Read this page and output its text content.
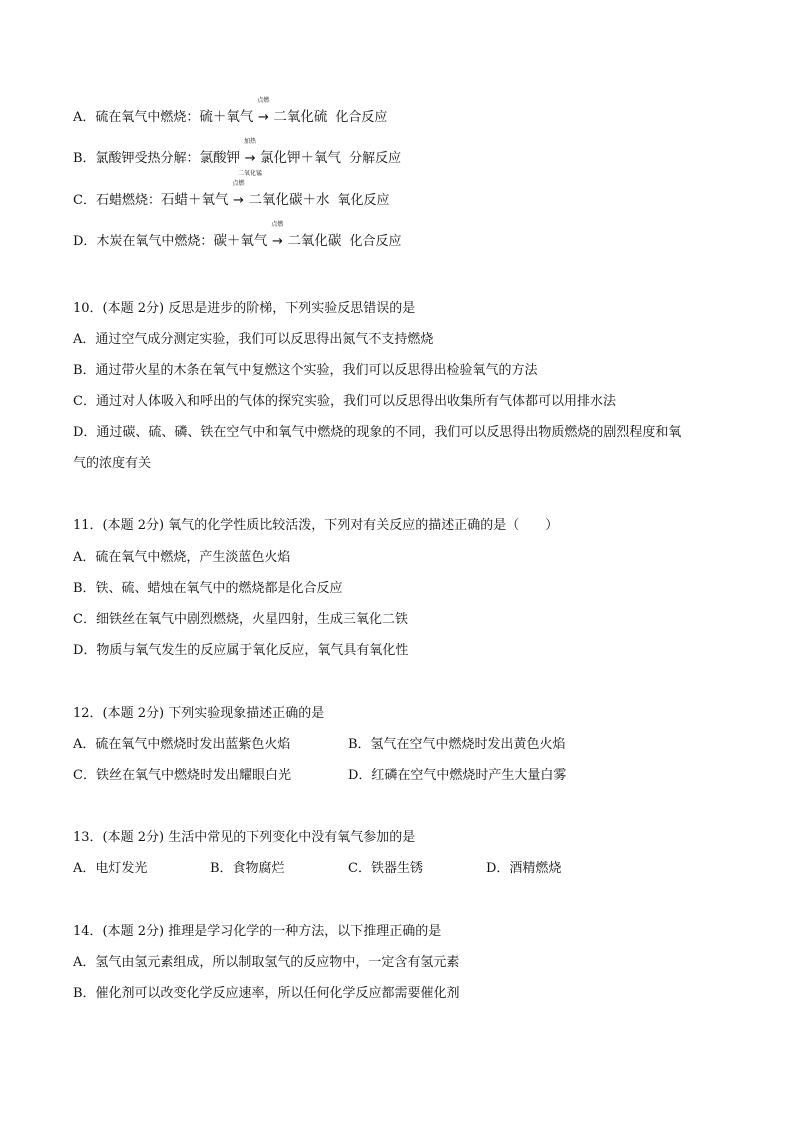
A．硫在氧气中燃烧：硫＋氧气
点燃
→ 二氧化硫 化合反应
B．氯酸钾受热分解：氯酸钾
加热
→
二氧化锰
氯化钾＋氧气 分解反应
C．石蜡燃烧：石蜡＋氧气
点燃
→ 二氧化碳＋水 氧化反应
D．木炭在氧气中燃烧：碳＋氧气
点燃
→ 二氧化碳 化合反应
10．(本题 2分) 反思是进步的阶梯，下列实验反思错误的是
A．通过空气成分测定实验，我们可以反思得出氮气不支持燃烧
B．通过带火星的木条在氧气中复燃这个实验，我们可以反思得出检验氧气的方法
C．通过对人体吸入和呼出的气体的探究实验，我们可以反思得出收集所有气体都可以用排水法
D．通过碳、硫、磷、铁在空气中和氧气中燃烧的现象的不同，我们可以反思得出物质燃烧的剧烈程度和氧
气的浓度有关
11．(本题 2分) 氧气的化学性质比较活泼，下列对有关反应的描述正确的是（　　）
A．硫在氧气中燃烧，产生淡蓝色火焰
B．铁、硫、蜡烛在氧气中的燃烧都是化合反应
C．细铁丝在氧气中剧烈燃烧，火星四射，生成三氧化二铁
D．物质与氧气发生的反应属于氧化反应，氧气具有氧化性
12．(本题 2分) 下列实验现象描述正确的是
A．硫在氧气中燃烧时发出蓝紫色火焰	B．氢气在空气中燃烧时发出黄色火焰
C．铁丝在氧气中燃烧时发出耀眼白光	D．红磷在空气中燃烧时产生大量白雾
13．(本题 2分) 生活中常见的下列变化中没有氧气参加的是
A．电灯发光	B．食物腐烂	C．铁器生锈	D．酒精燃烧
14．(本题 2分) 推理是学习化学的一种方法，以下推理正确的是
A．氢气由氢元素组成，所以制取氢气的反应物中，一定含有氢元素
B．催化剂可以改变化学反应速率，所以任何化学反应都需要催化剂
